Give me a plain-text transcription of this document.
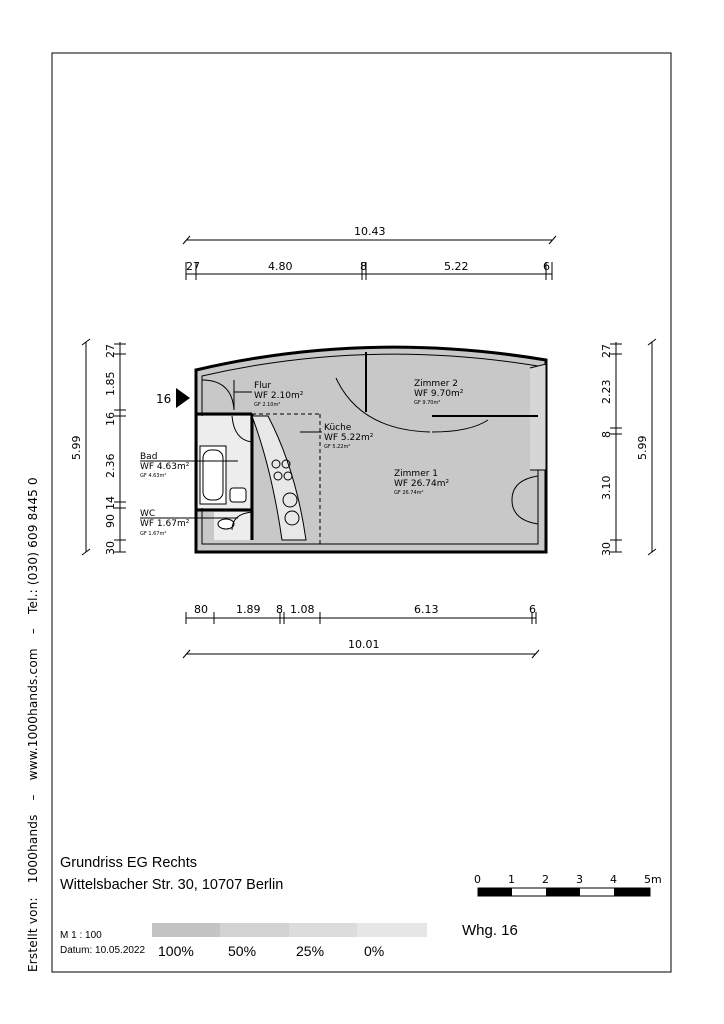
16
Flur
WF 2.10m²
GF 2.10m²
Zimmer 2
WF 9.70m²
GF 9.70m²
Küche
WF 5.22m²
GF 5.22m²
Bad
WF 4.63m²
GF 4.63m²	Zimmer 1
WF 26.74m²
GF 26.74m²
WC
WF 1.67m²
GF 1.67m²
10.43
27	4.80	8	5.22	6
80	1.89 8 1.08	6.13	6
10.01
5.99
27
1.85
16
2.36
14
90
30
5.99
27
2.23
8
3.10
30
0 1 2 3 4 5m
Erstellt von: 1000hands – www.1000hands.com – Tel.: (030) 609 8445 0
Grundriss EG Rechts
Wittelsbacher Str. 30, 10707 Berlin
M 1 : 100
Datum: 10.05.2022 100% 50%	25%	0%
Whg. 16
